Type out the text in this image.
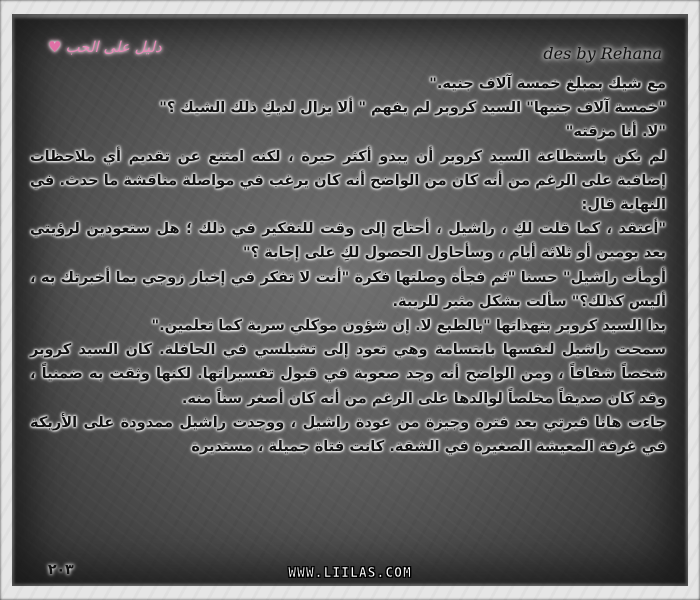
♥ دليل على الحب	des by Rehana

مع شيك بمبلغ خمسة آلاف جنيه."

"خمسة آلاف جنيها" السيد كروبر لم يفهم " ألا يزال لديكِ ذلك الشيك ؟"

"لا. أنا مزقته"

لم يكن باستطاعة السيد كروبر أن يبدو أكثر حيرة ، لكنه امتنع عن تقديم أي ملاحظات إضافية على الرغم من أنه كان من الواضح أنه كان يرغب في مواصلة مناقشة ما حدث. في النهاية قال:

"أعتقد ، كما قلت لكِ ، راشيل ، أحتاج إلى وقت للتفكير في ذلك ؛ هل ستعودين لرؤيتي بعد يومين أو ثلاثة أيام ، وسأحاول الحصول لكِ على إجابة ؟"

أومأت راشيل" حسنا "ثم فجأة وصلتها فكرة "أنت لا تفكر في إخبار زوجي بما أخبرتك به ، أليس كذلك؟" سألت بشكل مثير للريبة.

بدا السيد كروبر بتهذاتها "بالطبع لا. إن شؤون موكلي سرية كما تعلمين."

سمحت راشيل لنفسها بابتسامة وهي تعود إلى تشيلسي في الحافلة. كان السيد كروبر شخصاً شفافاً ، ومن الواضح أنه وجد صعوبة في قبول تفسيراتها. لكنها وثقت به ضمنياً ، وقد كان صديقاً مخلصاً لوالدها على الرغم من أنه كان أصغر سناً منه.

جاءت هانا فيرتي بعد فترة وجيزة من عودة راشيل ، ووجدت راشيل ممدودة على الأريكة في غرفة المعيشة الصغيرة في الشقة. كانت فتاة جميلة ، مستديرة

٢٠٣	WWW.LIILAS.COM
